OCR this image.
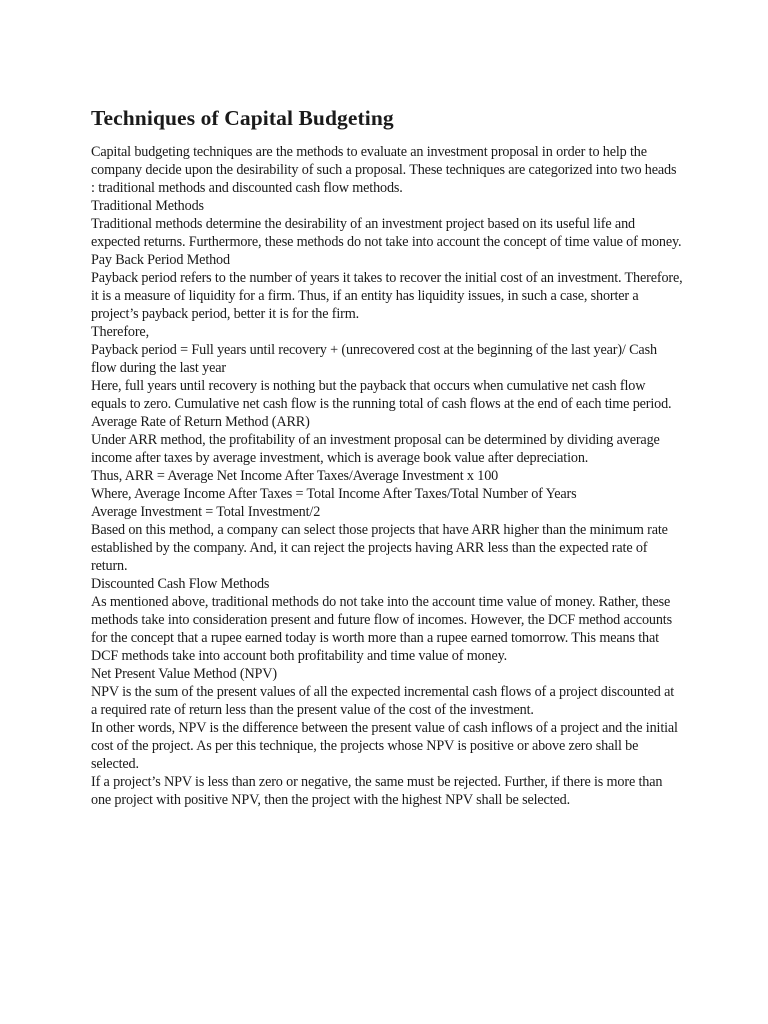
Techniques of Capital Budgeting

Capital budgeting techniques are the methods to evaluate an investment proposal in order to help the company decide upon the desirability of such a proposal. These techniques are categorized into two heads : traditional methods and discounted cash flow methods.

Traditional Methods

Traditional methods determine the desirability of an investment project based on its useful life and expected returns. Furthermore, these methods do not take into account the concept of time value of money.

Pay Back Period Method

Payback period refers to the number of years it takes to recover the initial cost of an investment. Therefore, it is a measure of liquidity for a firm. Thus, if an entity has liquidity issues, in such a case, shorter a project’s payback period, better it is for the firm.

Therefore,

Payback period = Full years until recovery + (unrecovered cost at the beginning of the last year)/ Cash flow during the last year

Here, full years until recovery is nothing but the payback that occurs when cumulative net cash flow equals to zero. Cumulative net cash flow is the running total of cash flows at the end of each time period.

Average Rate of Return Method (ARR)

Under ARR method, the profitability of an investment proposal can be determined by dividing average income after taxes by average investment, which is average book value after depreciation.

Thus, ARR = Average Net Income After Taxes/Average Investment x 100

Where, Average Income After Taxes = Total Income After Taxes/Total Number of Years

Average Investment = Total Investment/2

Based on this method, a company can select those projects that have ARR higher than the minimum rate established by the company. And, it can reject the projects having ARR less than the expected rate of return.

Discounted Cash Flow Methods

As mentioned above, traditional methods do not take into the account time value of money. Rather, these methods take into consideration present and future flow of incomes. However, the DCF method accounts for the concept that a rupee earned today is worth more than a rupee earned tomorrow. This means that DCF methods take into account both profitability and time value of money.

Net Present Value Method (NPV)

NPV is the sum of the present values of all the expected incremental cash flows of a project discounted at a required rate of return less than the present value of the cost of the investment.

In other words, NPV is the difference between the present value of cash inflows of a project and the initial cost of the project. As per this technique, the projects whose NPV is positive or above zero shall be selected.

If a project’s NPV is less than zero or negative, the same must be rejected. Further, if there is more than one project with positive NPV, then the project with the highest NPV shall be selected.
